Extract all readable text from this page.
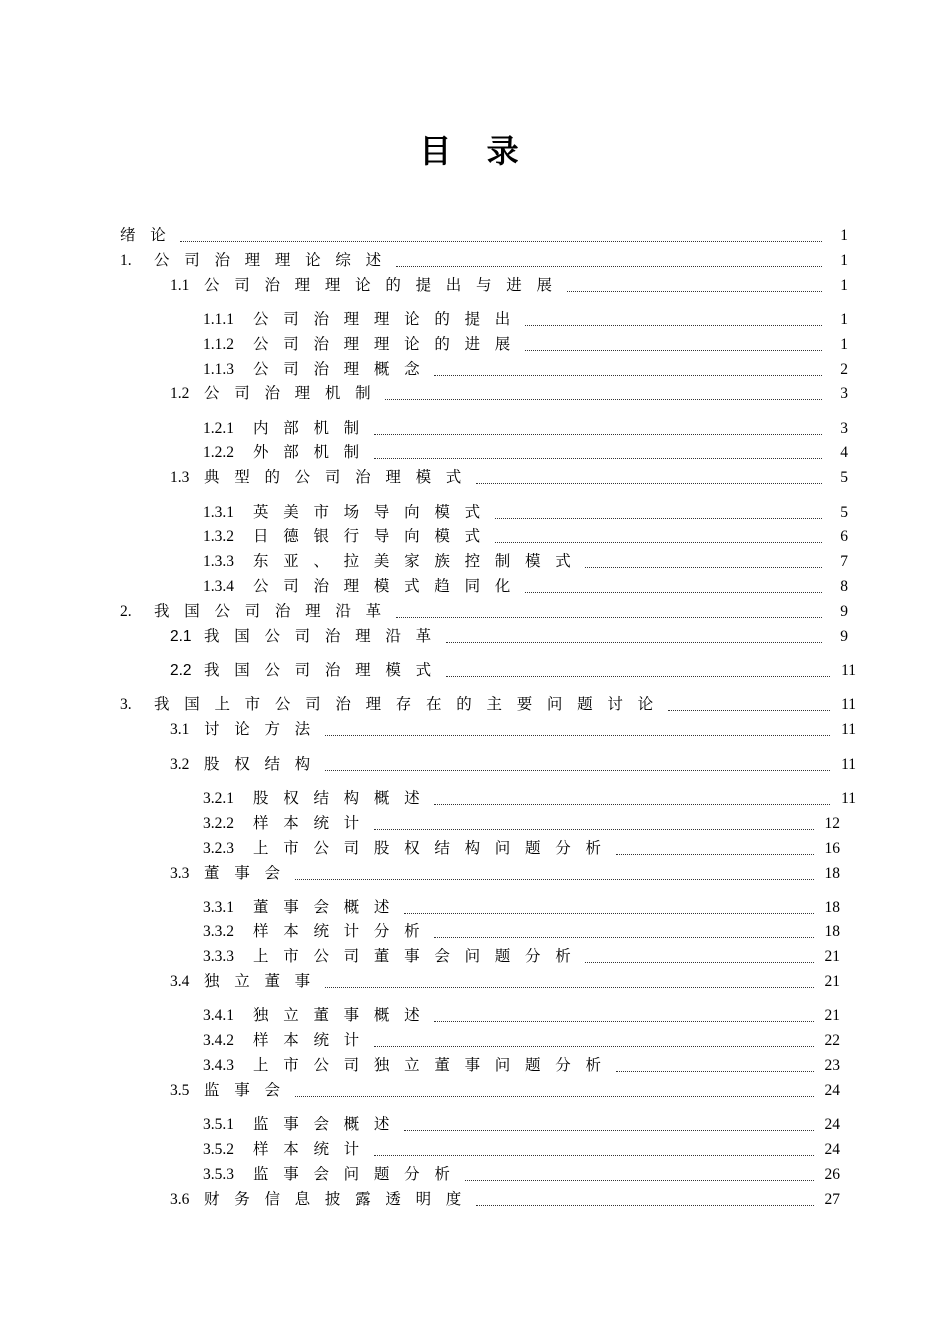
目 录
绪论	1
1.	公司治理理论综述	1
1.1 公司治理理论的提出与进展	1
1.1.1	公司治理理论的提出	1
1.1.2	公司治理理论的进展	1
1.1.3	公司治理概念	2
1.2 公司治理机制	3
1.2.1	内部机制	3
1.2.2	外部机制	4
1.3 典型的公司治理模式	5
1.3.1	英美市场导向模式	5
1.3.2	日德银行导向模式	6
1.3.3	东亚、拉美家族控制模式	7
1.3.4	公司治理模式趋同化	8
2.	我国公司治理沿革	9
2.1 我国公司治理沿革	9
2.2 我国公司治理模式	11
3.	我国上市公司治理存在的主要问题讨论	11
3.1 讨论方法	11
3.2 股权结构	11
3.2.1	股权结构概述	11
3.2.2	样本统计	12
3.2.3	上市公司股权结构问题分析	16
3.3 董事会	18
3.3.1	董事会概述	18
3.3.2	样本统计分析	18
3.3.3	上市公司董事会问题分析	21
3.4 独立董事	21
3.4.1	独立董事概述	21
3.4.2	样本统计	22
3.4.3	上市公司独立董事问题分析	23
3.5 监事会	24
3.5.1	监事会概述	24
3.5.2	样本统计	24
3.5.3	监事会问题分析	26
3.6 财务信息披露透明度	27
